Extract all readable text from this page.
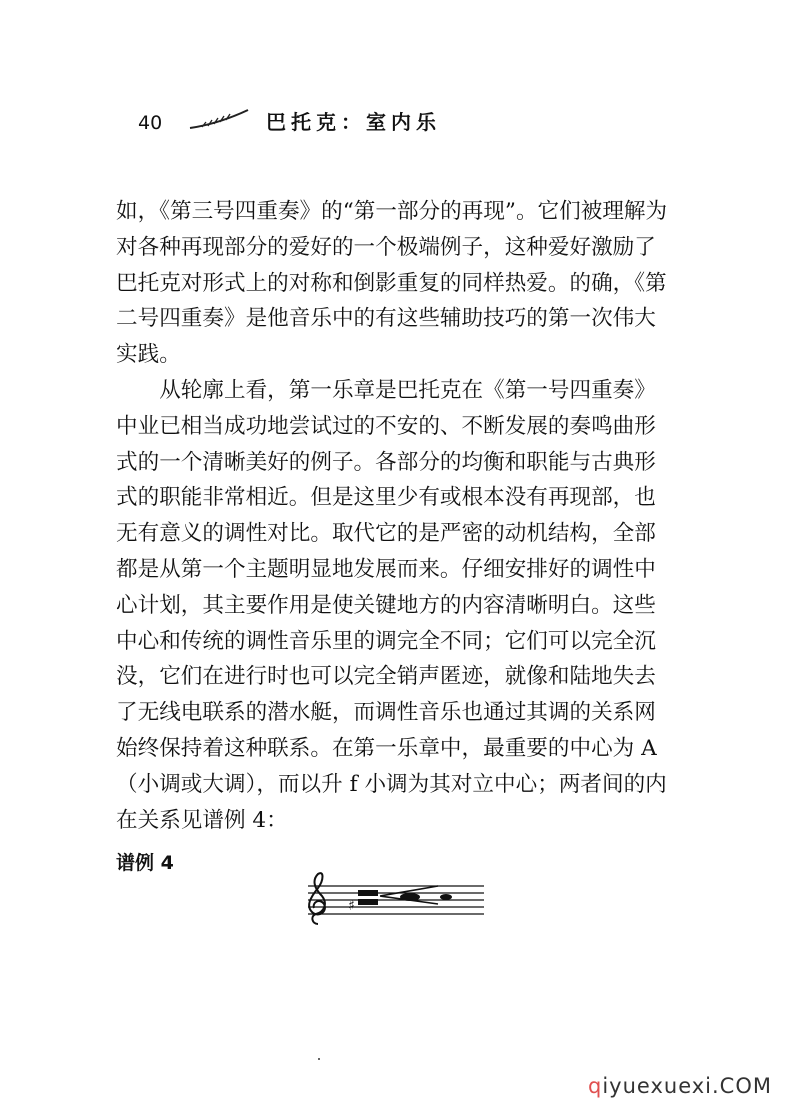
40	巴托克：室内乐

如，《第三号四重奏》的“第一部分的再现”。它们被理解为对各种再现部分的爱好的一个极端例子，这种爱好激励了巴托克对形式上的对称和倒影重复的同样热爱。的确，《第二号四重奏》是他音乐中的有这些辅助技巧的第一次伟大实践。

从轮廓上看，第一乐章是巴托克在《第一号四重奏》中业已相当成功地尝试过的不安的、不断发展的奏鸣曲形式的一个清晰美好的例子。各部分的均衡和职能与古典形式的职能非常相近。但是这里少有或根本没有再现部，也无有意义的调性对比。取代它的是严密的动机结构，全部都是从第一个主题明显地发展而来。仔细安排好的调性中心计划，其主要作用是使关键地方的内容清晰明白。这些中心和传统的调性音乐里的调完全不同；它们可以完全沉没，它们在进行时也可以完全销声匿迹，就像和陆地失去了无线电联系的潜水艇，而调性音乐也通过其调的关系网始终保持着这种联系。在第一乐章中，最重要的中心为 A（小调或大调），而以升 f 小调为其对立中心；两者间的内在关系见谱例 4：

谱例 4
♯
qiyuexuexi.COM
